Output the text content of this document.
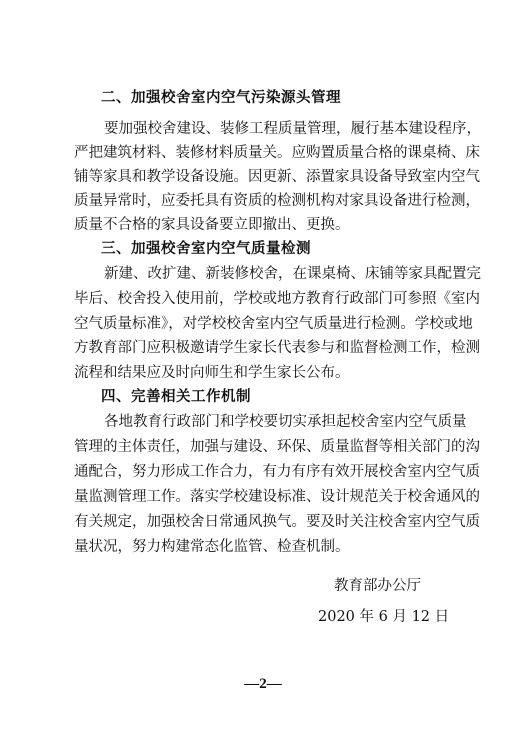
二、加强校舍室内空气污染源头管理
要加强校舍建设、装修工程质量管理，履行基本建设程序，
严把建筑材料、装修材料质量关。应购置质量合格的课桌椅、床
铺等家具和教学设备设施。因更新、添置家具设备导致室内空气
质量异常时，应委托具有资质的检测机构对家具设备进行检测，
质量不合格的家具设备要立即撤出、更换。
三、加强校舍室内空气质量检测
新建、改扩建、新装修校舍，在课桌椅、床铺等家具配置完
毕后、校舍投入使用前，学校或地方教育行政部门可参照《室内
空气质量标准》，对学校校舍室内空气质量进行检测。学校或地
方教育部门应积极邀请学生家长代表参与和监督检测工作，检测
流程和结果应及时向师生和学生家长公布。
四、完善相关工作机制
各地教育行政部门和学校要切实承担起校舍室内空气质量
管理的主体责任，加强与建设、环保、质量监督等相关部门的沟
通配合，努力形成工作合力，有力有序有效开展校舍室内空气质
量监测管理工作。落实学校建设标准、设计规范关于校舍通风的
有关规定，加强校舍日常通风换气。要及时关注校舍室内空气质
量状况，努力构建常态化监管、检查机制。
教育部办公厅
2020 年 6 月 12 日
—2—
